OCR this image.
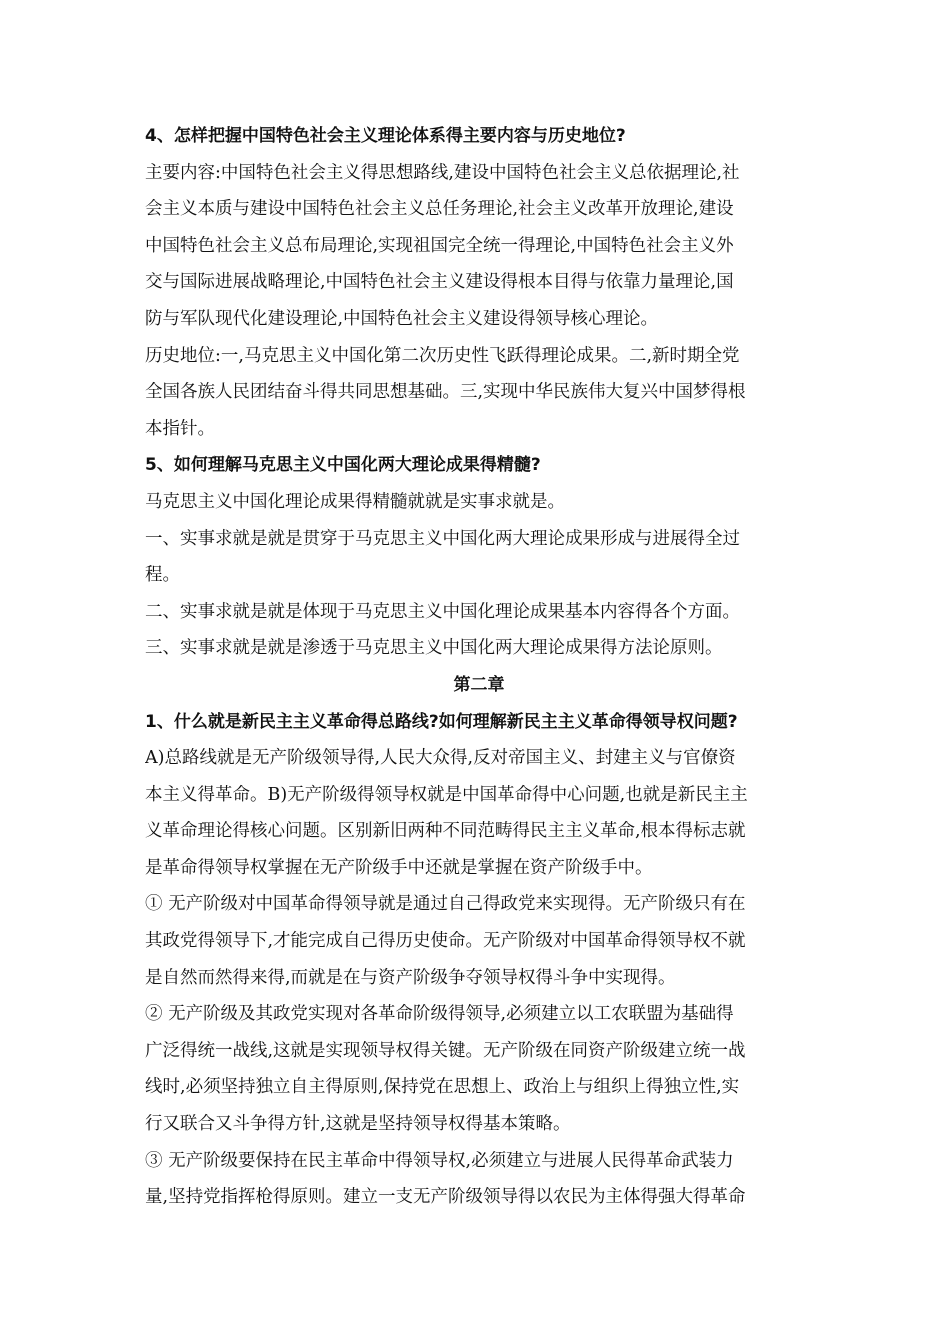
4、怎样把握中国特色社会主义理论体系得主要内容与历史地位?
主要内容:中国特色社会主义得思想路线,建设中国特色社会主义总依据理论,社
会主义本质与建设中国特色社会主义总任务理论,社会主义改革开放理论,建设
中国特色社会主义总布局理论,实现祖国完全统一得理论,中国特色社会主义外
交与国际进展战略理论,中国特色社会主义建设得根本目得与依靠力量理论,国
防与军队现代化建设理论,中国特色社会主义建设得领导核心理论。
历史地位:一,马克思主义中国化第二次历史性飞跃得理论成果。二,新时期全党
全国各族人民团结奋斗得共同思想基础。三,实现中华民族伟大复兴中国梦得根
本指针。
5、如何理解马克思主义中国化两大理论成果得精髓?
马克思主义中国化理论成果得精髓就就是实事求就是。
一、实事求就是就是贯穿于马克思主义中国化两大理论成果形成与进展得全过
程。
二、实事求就是就是体现于马克思主义中国化理论成果基本内容得各个方面。
三、实事求就是就是渗透于马克思主义中国化两大理论成果得方法论原则。
第二章
1、什么就是新民主主义革命得总路线?如何理解新民主主义革命得领导权问题?
A)总路线就是无产阶级领导得,人民大众得,反对帝国主义、封建主义与官僚资
本主义得革命。B)无产阶级得领导权就是中国革命得中心问题,也就是新民主主
义革命理论得核心问题。区别新旧两种不同范畴得民主主义革命,根本得标志就
是革命得领导权掌握在无产阶级手中还就是掌握在资产阶级手中。
① 无产阶级对中国革命得领导就是通过自己得政党来实现得。无产阶级只有在
其政党得领导下,才能完成自己得历史使命。无产阶级对中国革命得领导权不就
是自然而然得来得,而就是在与资产阶级争夺领导权得斗争中实现得。
② 无产阶级及其政党实现对各革命阶级得领导,必须建立以工农联盟为基础得
广泛得统一战线,这就是实现领导权得关键。无产阶级在同资产阶级建立统一战
线时,必须坚持独立自主得原则,保持党在思想上、政治上与组织上得独立性,实
行又联合又斗争得方针,这就是坚持领导权得基本策略。
③ 无产阶级要保持在民主革命中得领导权,必须建立与进展人民得革命武装力
量,坚持党指挥枪得原则。建立一支无产阶级领导得以农民为主体得强大得革命
